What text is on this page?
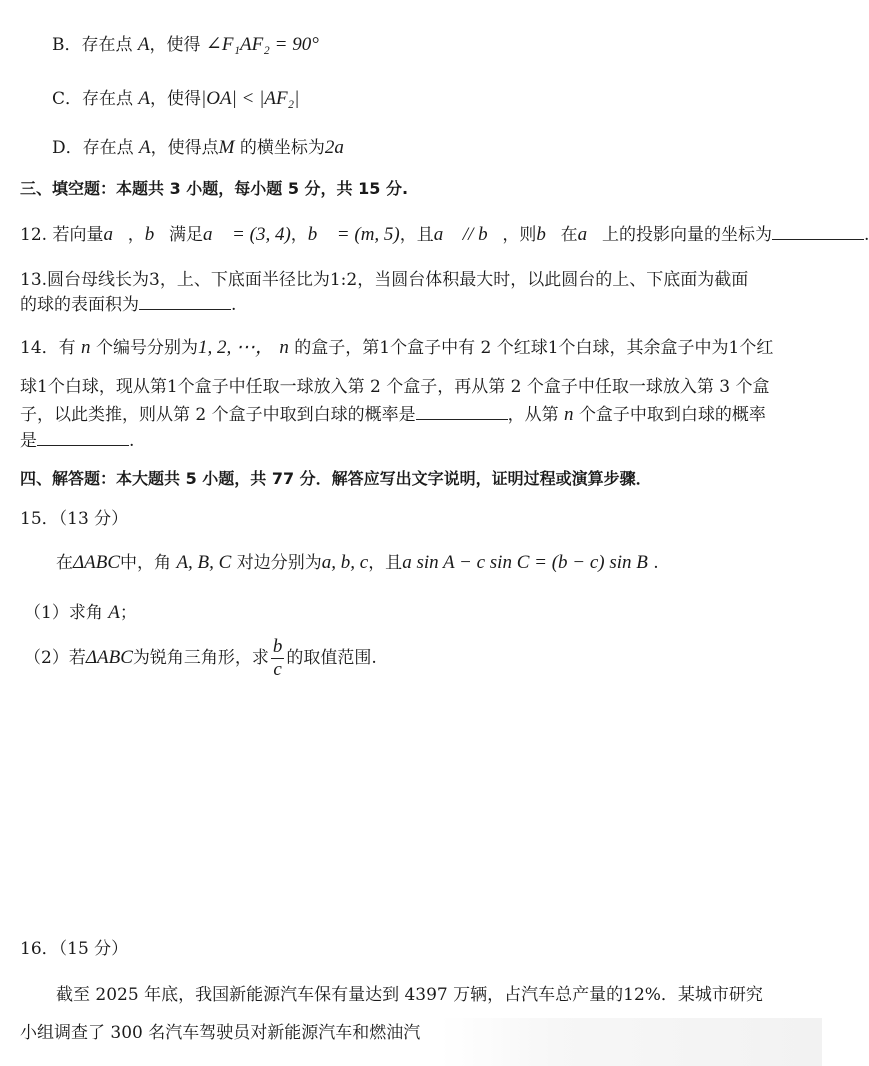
B．存在点 A，使得 ∠F₁AF₂ = 90°
C．存在点 A，使得|OA| < |AF₂|
D．存在点 A，使得点M 的横坐标为2a
三、填空题：本题共 3 小题，每小题 5 分，共 15 分.
12. 若向量a⃗，b⃗满足a⃗ = (3, 4)，b⃗ = (m, 5)，且a⃗ // b⃗，则b⃗在a⃗上的投影向量的坐标为	.
13.圆台母线长为3，上、下底面半径比为1:2，当圆台体积最大时，以此圆台的上、下底面为截面
的球的表面积为	.
14．有 n 个编号分别为1, 2, ⋯， n 的盒子，第1个盒子中有 2 个红球1个白球，其余盒子中为1个红
球1个白球，现从第1个盒子中任取一球放入第 2 个盒子，再从第 2 个盒子中任取一球放入第 3 个盒
子，以此类推，则从第 2 个盒子中取到白球的概率是	，从第 n 个盒子中取到白球的概率
是	.
四、解答题：本大题共 5 小题，共 77 分．解答应写出文字说明，证明过程或演算步骤．
15．（13 分）
在ΔABC中，角 A, B, C 对边分别为a, b, c，且a sin A − c sin C = (b − c) sin B .
（1）求角 A；
（2）若ΔABC为锐角三角形，求 $\frac{b}{c}$ 的取值范围.
16．（15 分）
截至 2025 年底，我国新能源汽车保有量达到 4397 万辆，占汽车总产量的12%．某城市研究
小组调查了 300 名汽车驾驶员对新能源汽车和燃油汽
